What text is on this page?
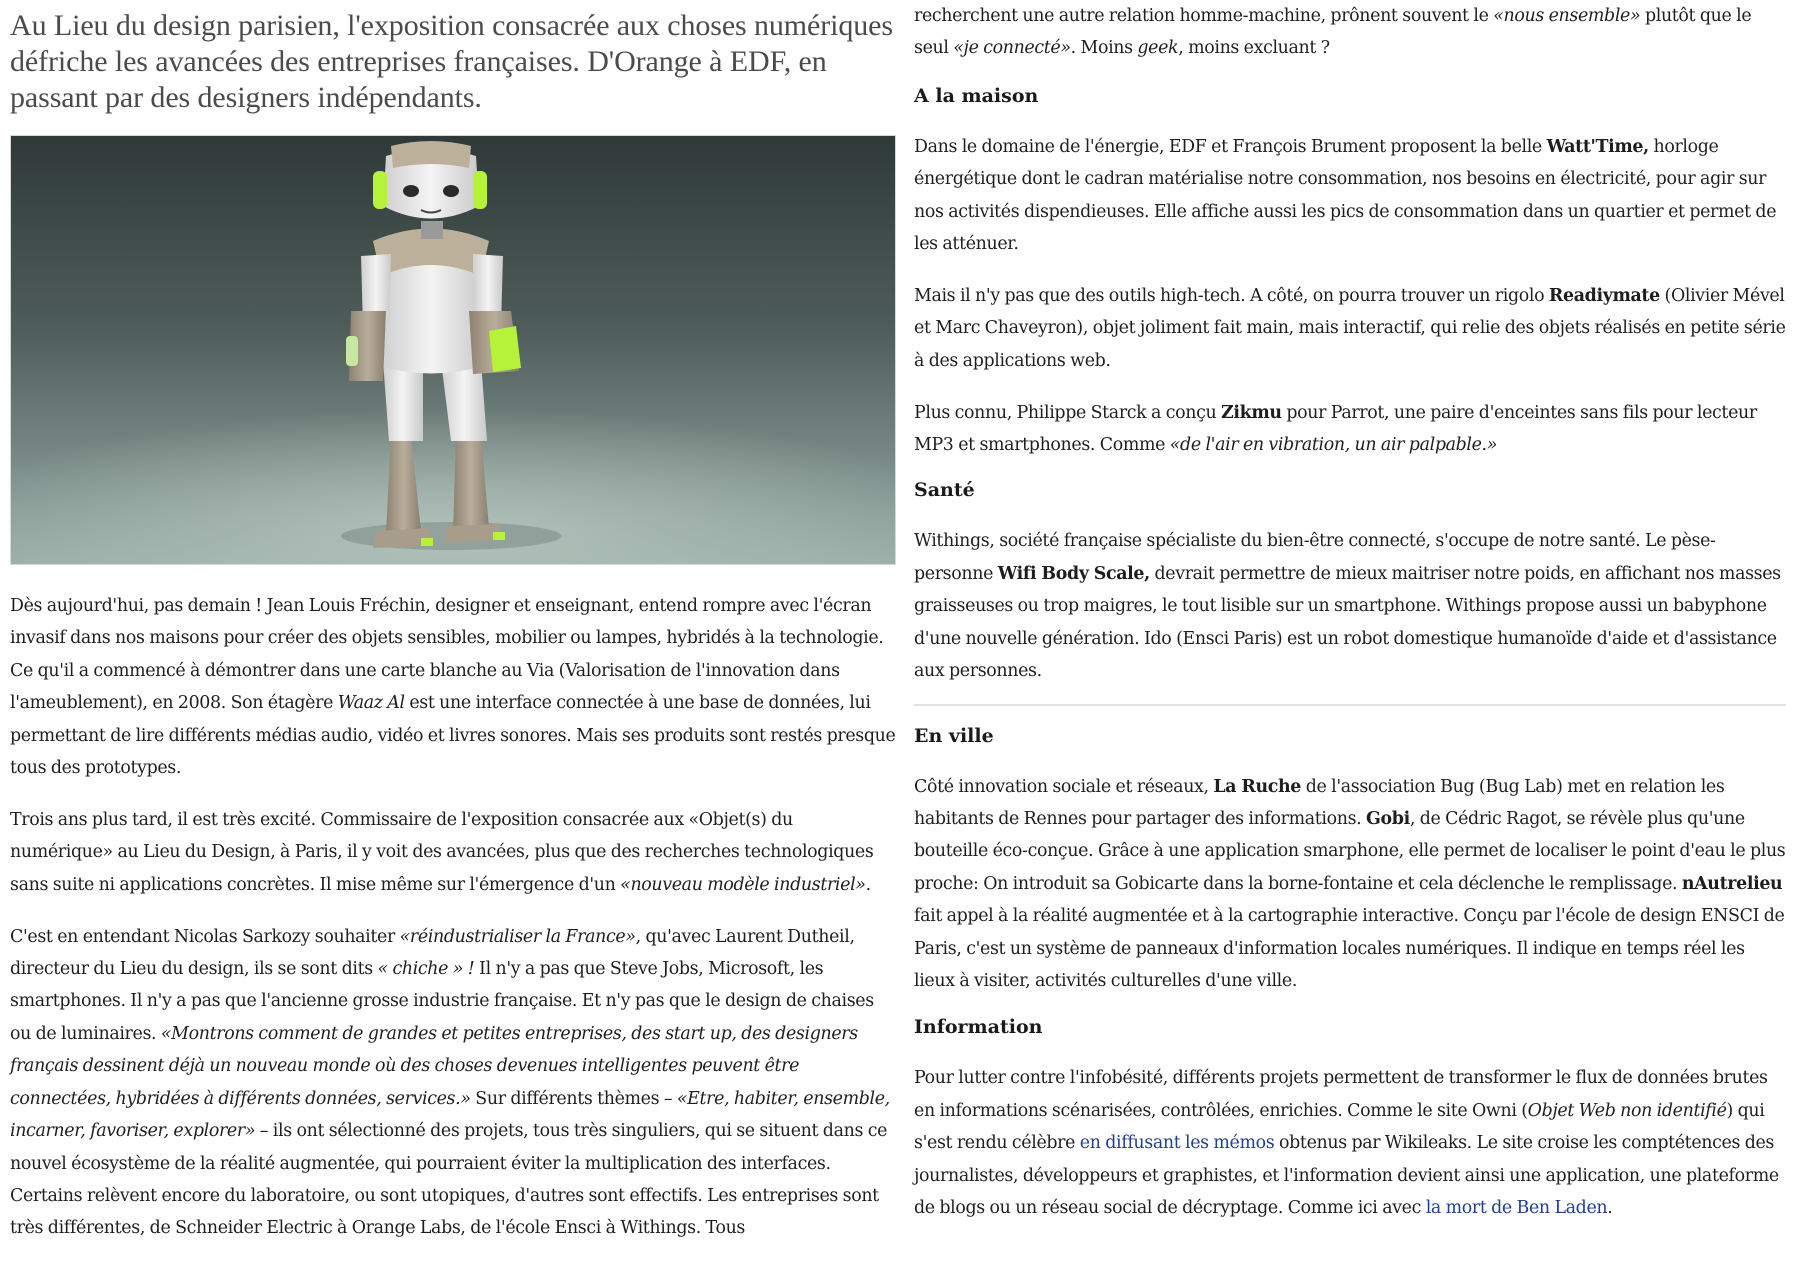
Au Lieu du design parisien, l'exposition consacrée aux choses numériques défriche les avancées des entreprises françaises. D'Orange à EDF, en passant par des designers indépendants.

Dès aujourd'hui, pas demain ! Jean Louis Fréchin, designer et enseignant, entend rompre avec l'écran invasif dans nos maisons pour créer des objets sensibles, mobilier ou lampes, hybridés à la technologie. Ce qu'il a commencé à démontrer dans une carte blanche au Via (Valorisation de l'innovation dans l'ameublement), en 2008. Son étagère Waaz Al est une interface connectée à une base de données, lui permettant de lire différents médias audio, vidéo et livres sonores. Mais ses produits sont restés presque tous des prototypes.

Trois ans plus tard, il est très excité. Commissaire de l'exposition consacrée aux «Objet(s) du numérique» au Lieu du Design, à Paris, il y voit des avancées, plus que des recherches technologiques sans suite ni applications concrètes. Il mise même sur l'émergence d'un «nouveau modèle industriel».

C'est en entendant Nicolas Sarkozy souhaiter «réindustrialiser la France», qu'avec Laurent Dutheil, directeur du Lieu du design, ils se sont dits « chiche » ! Il n'y a pas que Steve Jobs, Microsoft, les smartphones. Il n'y a pas que l'ancienne grosse industrie française. Et n'y pas que le design de chaises ou de luminaires. «Montrons comment de grandes et petites entreprises, des start up, des designers français dessinent déjà un nouveau monde où des choses devenues intelligentes peuvent être connectées, hybridées à différents données, services.» Sur différents thèmes – «Etre, habiter, ensemble, incarner, favoriser, explorer» – ils ont sélectionné des projets, tous très singuliers, qui se situent dans ce nouvel écosystème de la réalité augmentée, qui pourraient éviter la multiplication des interfaces. Certains relèvent encore du laboratoire, ou sont utopiques, d'autres sont effectifs. Les entreprises sont très différentes, de Schneider Electric à Orange Labs, de l'école Ensci à Withings. Tous

recherchent une autre relation homme-machine, prônent souvent le «nous ensemble» plutôt que le seul «je connecté». Moins geek, moins excluant ?

A la maison

Dans le domaine de l'énergie, EDF et François Brument proposent la belle Watt'Time, horloge énergétique dont le cadran matérialise notre consommation, nos besoins en électricité, pour agir sur nos activités dispendieuses. Elle affiche aussi les pics de consommation dans un quartier et permet de les atténuer.

Mais il n'y pas que des outils high-tech. A côté, on pourra trouver un rigolo Readiymate (Olivier Mével et Marc Chaveyron), objet joliment fait main, mais interactif, qui relie des objets réalisés en petite série à des applications web.

Plus connu, Philippe Starck a conçu Zikmu pour Parrot, une paire d'enceintes sans fils pour lecteur MP3 et smartphones. Comme «de l'air en vibration, un air palpable.»

Santé

Withings, société française spécialiste du bien-être connecté, s'occupe de notre santé. Le pèse-personne Wifi Body Scale, devrait permettre de mieux maitriser notre poids, en affichant nos masses graisseuses ou trop maigres, le tout lisible sur un smartphone. Withings propose aussi un babyphone d'une nouvelle génération. Ido (Ensci Paris) est un robot domestique humanoïde d'aide et d'assistance aux personnes.

En ville

Côté innovation sociale et réseaux, La Ruche de l'association Bug (Bug Lab) met en relation les habitants de Rennes pour partager des informations. Gobi, de Cédric Ragot, se révèle plus qu'une bouteille éco-conçue. Grâce à une application smarphone, elle permet de localiser le point d'eau le plus proche: On introduit sa Gobicarte dans la borne-fontaine et cela déclenche le remplissage. nAutrelieu fait appel à la réalité augmentée et à la cartographie interactive. Conçu par l'école de design ENSCI de Paris, c'est un système de panneaux d'information locales numériques. Il indique en temps réel les lieux à visiter, activités culturelles d'une ville.

Information

Pour lutter contre l'infobésité, différents projets permettent de transformer le flux de données brutes en informations scénarisées, contrôlées, enrichies. Comme le site Owni (Objet Web non identifié) qui s'est rendu célèbre en diffusant les mémos obtenus par Wikileaks. Le site croise les comptétences des journalistes, développeurs et graphistes, et l'information devient ainsi une application, une plateforme de blogs ou un réseau social de décryptage. Comme ici avec la mort de Ben Laden.
